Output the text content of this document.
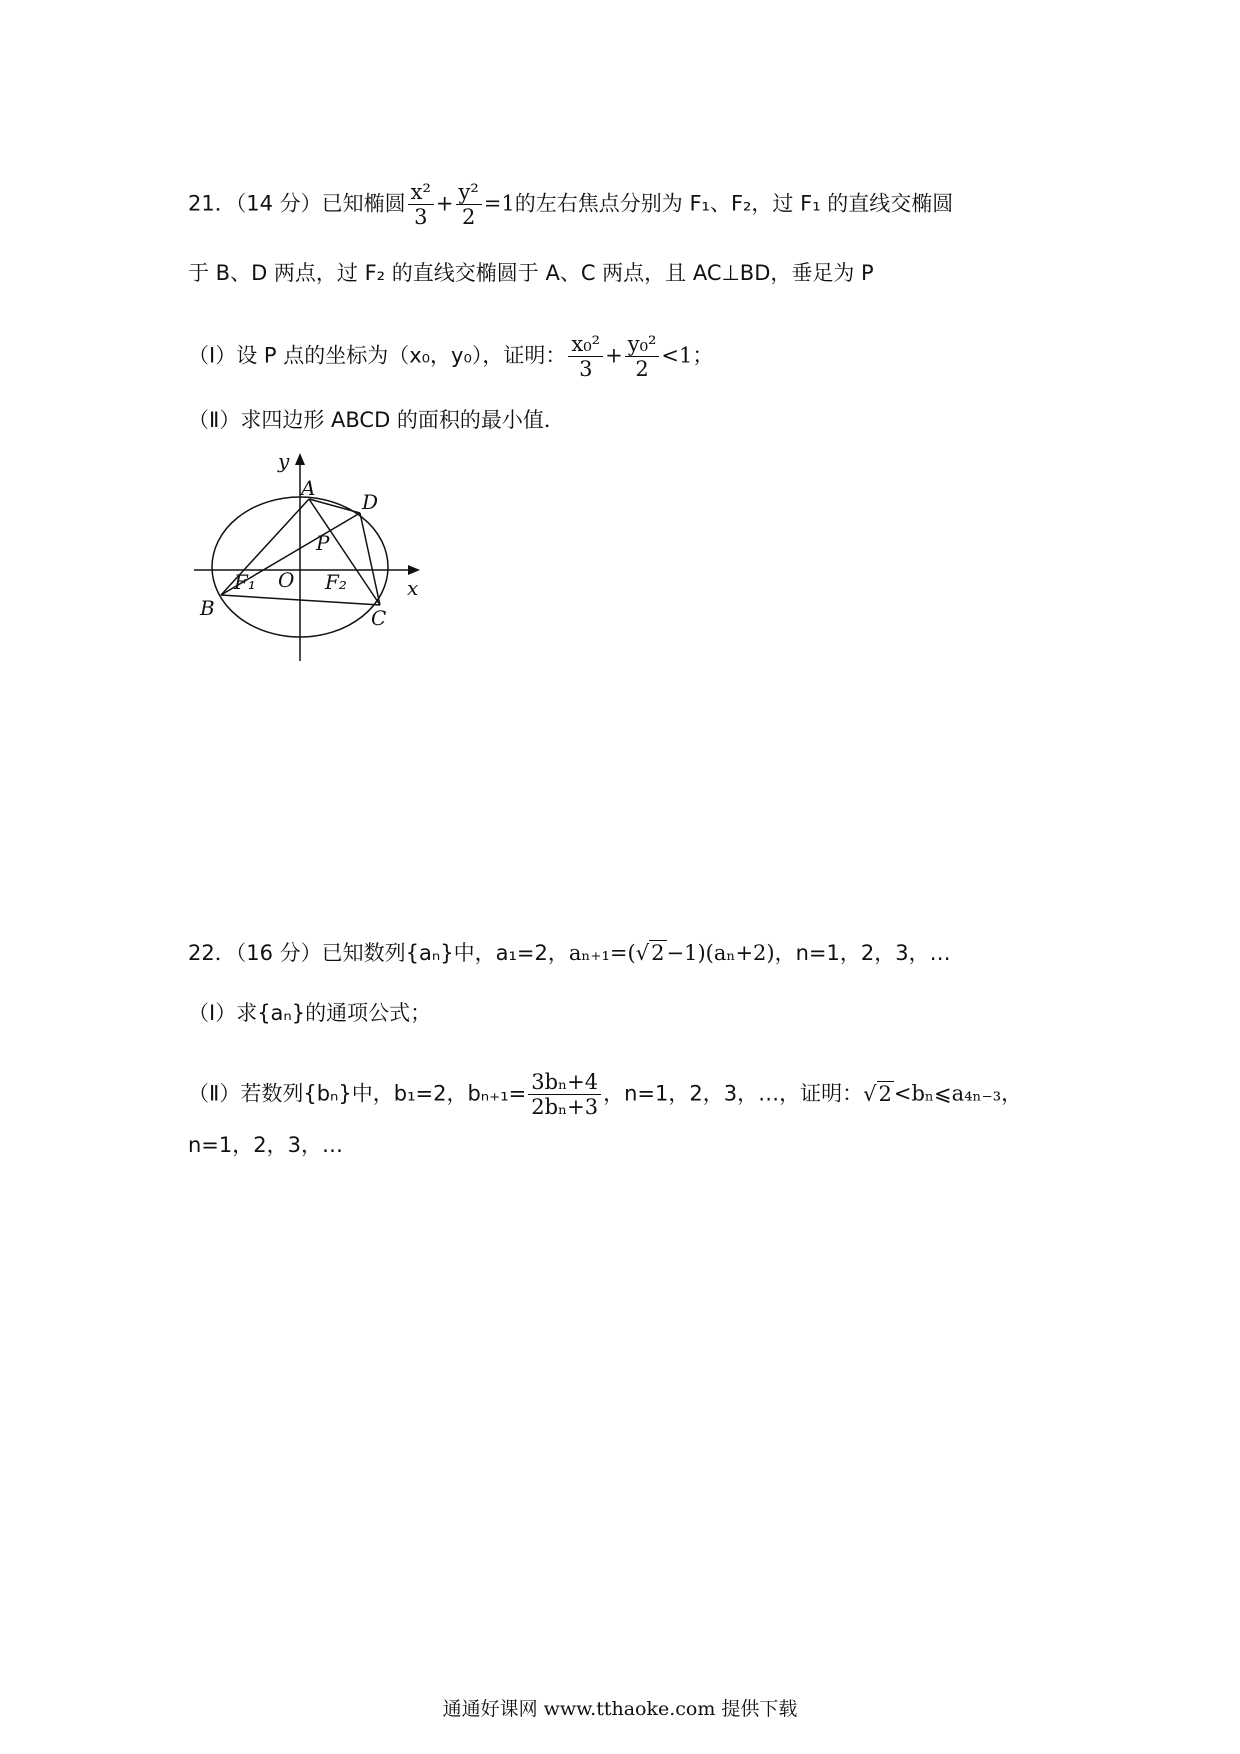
21．（14 分）已知椭圆 $\frac{\text{x²}}{3} + \frac{\text{y²}}{2} =1$的左右焦点分别为 F₁、F₂，过 F₁ 的直线交椭圆
于 B、D 两点，过 F₂ 的直线交椭圆于 A、C 两点，且 AC⊥BD，垂足为 P
（Ⅰ）设 P 点的坐标为（x₀，y₀），证明： $\frac{\text{x₀²}}{3} + \frac{\text{y₀²}}{2} <1$；
（Ⅱ）求四边形 ABCD 的面积的最小值．
y
x
A
D
P
O
F₁	F₂
B	C
22．（16 分）已知数列{aₙ}中，a₁=2，aₙ₊₁=(√2−1)(aₙ+2)，n=1，2，3，…
（Ⅰ）求{aₙ}的通项公式；
（Ⅱ）若数列{bₙ}中，b₁=2，$b_{n+1}= \frac{\text{3bₙ+4}}{\text{2bₙ+3}}$ ，n=1，2，3，…，证明：√2<bₙ⩽a₄ₙ₋₃，
n=1，2，3，…
通通好课网 www.tthaoke.com 提供下载
